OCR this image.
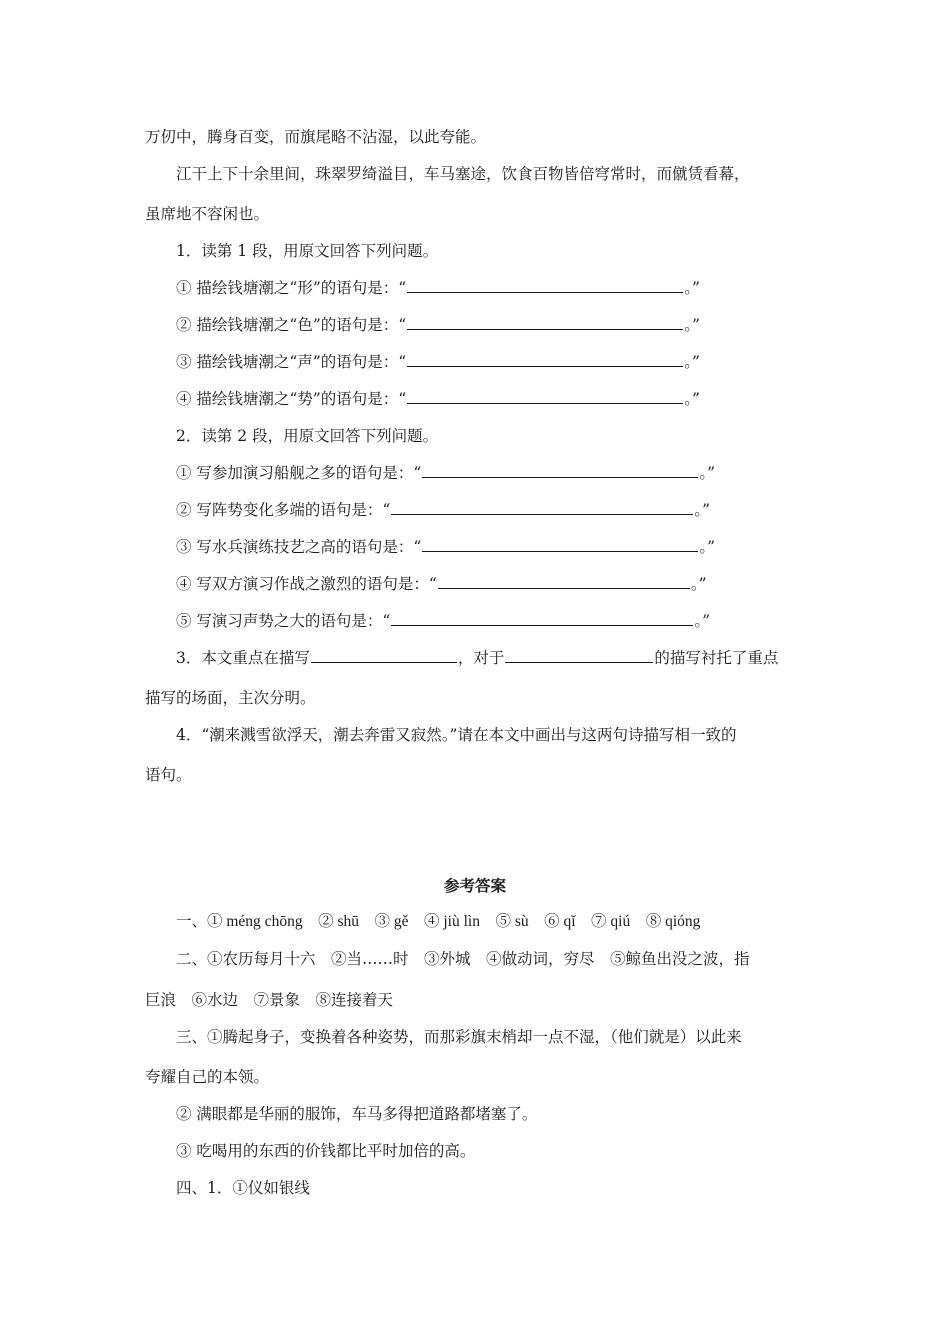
万仞中，腾身百变，而旗尾略不沾湿，以此夸能。
江干上下十余里间，珠翠罗绮溢目，车马塞途，饮食百物皆倍穹常时，而僦赁看幕，
虽席地不容闲也。
1．读第 1 段，用原文回答下列问题。
① 描绘钱塘潮之“形”的语句是：“	。”
② 描绘钱塘潮之“色”的语句是：“	。”
③ 描绘钱塘潮之“声”的语句是：“	。”
④ 描绘钱塘潮之“势”的语句是：“	。”
2．读第 2 段，用原文回答下列问题。
① 写参加演习船舰之多的语句是：“	。”
② 写阵势变化多端的语句是：“	。”
③ 写水兵演练技艺之高的语句是：“	。”
④ 写双方演习作战之激烈的语句是：“	。”
⑤ 写演习声势之大的语句是：“	。”
3．本文重点在描写	，对于	的描写衬托了重点
描写的场面，主次分明。
4．“潮来溅雪欲浮天，潮去奔雷又寂然。”请在本文中画出与这两句诗描写相一致的
语句。
参考答案
一、① méng chōng　② shū　③ gě　④ jiù lìn　⑤ sù　⑥ qǐ　⑦ qiú　⑧ qióng
二、①农历每月十六　②当……时　③外城　④做动词，穷尽　⑤鲸鱼出没之波，指
巨浪　⑥水边　⑦景象　⑧连接着天
三、①腾起身子，变换着各种姿势，而那彩旗末梢却一点不湿，（他们就是）以此来
夸耀自己的本领。
② 满眼都是华丽的服饰，车马多得把道路都堵塞了。
③ 吃喝用的东西的价钱都比平时加倍的高。
四、1．①仪如银线
